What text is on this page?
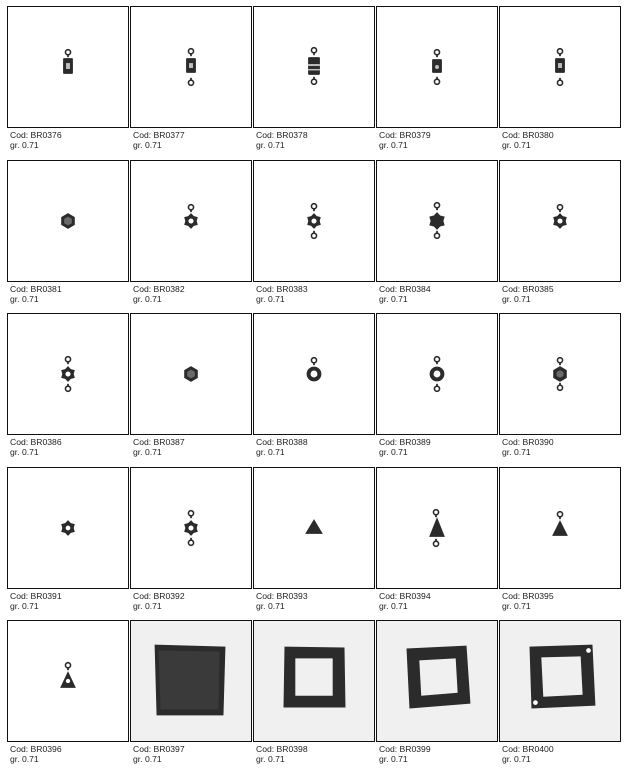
Cod: BR0376
gr. 0.71
Cod: BR0377
gr. 0.71
Cod: BR0378
gr. 0.71
Cod: BR0379
gr. 0.71
Cod: BR0380
gr. 0.71
Cod: BR0381
gr. 0.71
Cod: BR0382
gr. 0.71
Cod: BR0383
gr. 0.71
Cod: BR0384
gr. 0.71
Cod: BR0385
gr. 0.71
Cod: BR0386
gr. 0.71
Cod: BR0387
gr. 0.71
Cod: BR0388
gr. 0.71
Cod: BR0389
gr. 0.71
Cod: BR0390
gr. 0.71
Cod: BR0391
gr. 0.71
Cod: BR0392
gr. 0.71
Cod: BR0393
gr. 0.71
Cod: BR0394
gr. 0.71
Cod: BR0395
gr. 0.71
Cod: BR0396
gr. 0.71
Cod: BR0397
gr. 0.71
Cod: BR0398
gr. 0.71
Cod: BR0399
gr. 0.71
Cod: BR0400
gr. 0.71
